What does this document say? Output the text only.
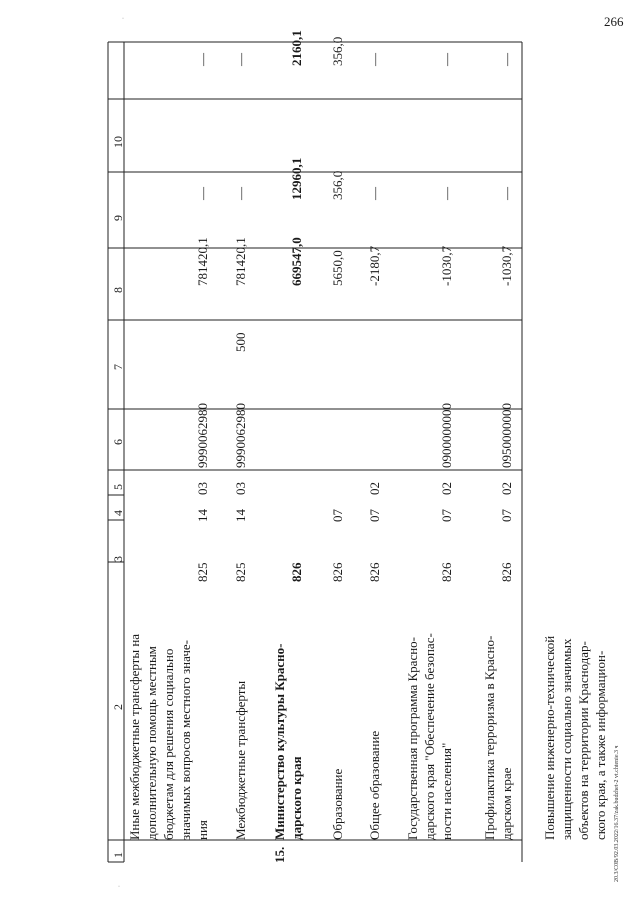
266
20.3/C0B/92.03.2022/16.37/zak.budzhet-2 vt.chtenie.3 ч
1
2
3
4
5
6
7
8
9
10
Иные межбюджетные трансферты на дополнительную помощь местным бюджетам для решения социально значимых вопросов местного значе- ния
825
14
03
9990062980
781420,1
—
—
Межбюджетные трансферты
825
14
03
9990062980
500
781420,1
—
—
15.
Министерство культуры Красно- дарского края
826
669547,0
12960,1
2160,1
Образование
826
07
5650,0
356,0
356,0
Общее образование
826
07
02
-2180,7
—
—
Государственная программа Красно- дарского края "Обеспечение безопас- ности населения"
826
07
02
0900000000
-1030,7
—
—
Профилактика терроризма в Красно- дарском крае
826
07
02
0950000000
-1030,7
—
—
Повышение инженерно-технической защищенности социально значимых объектов на территории Краснодар- ского края, а также информацион-
·
·
